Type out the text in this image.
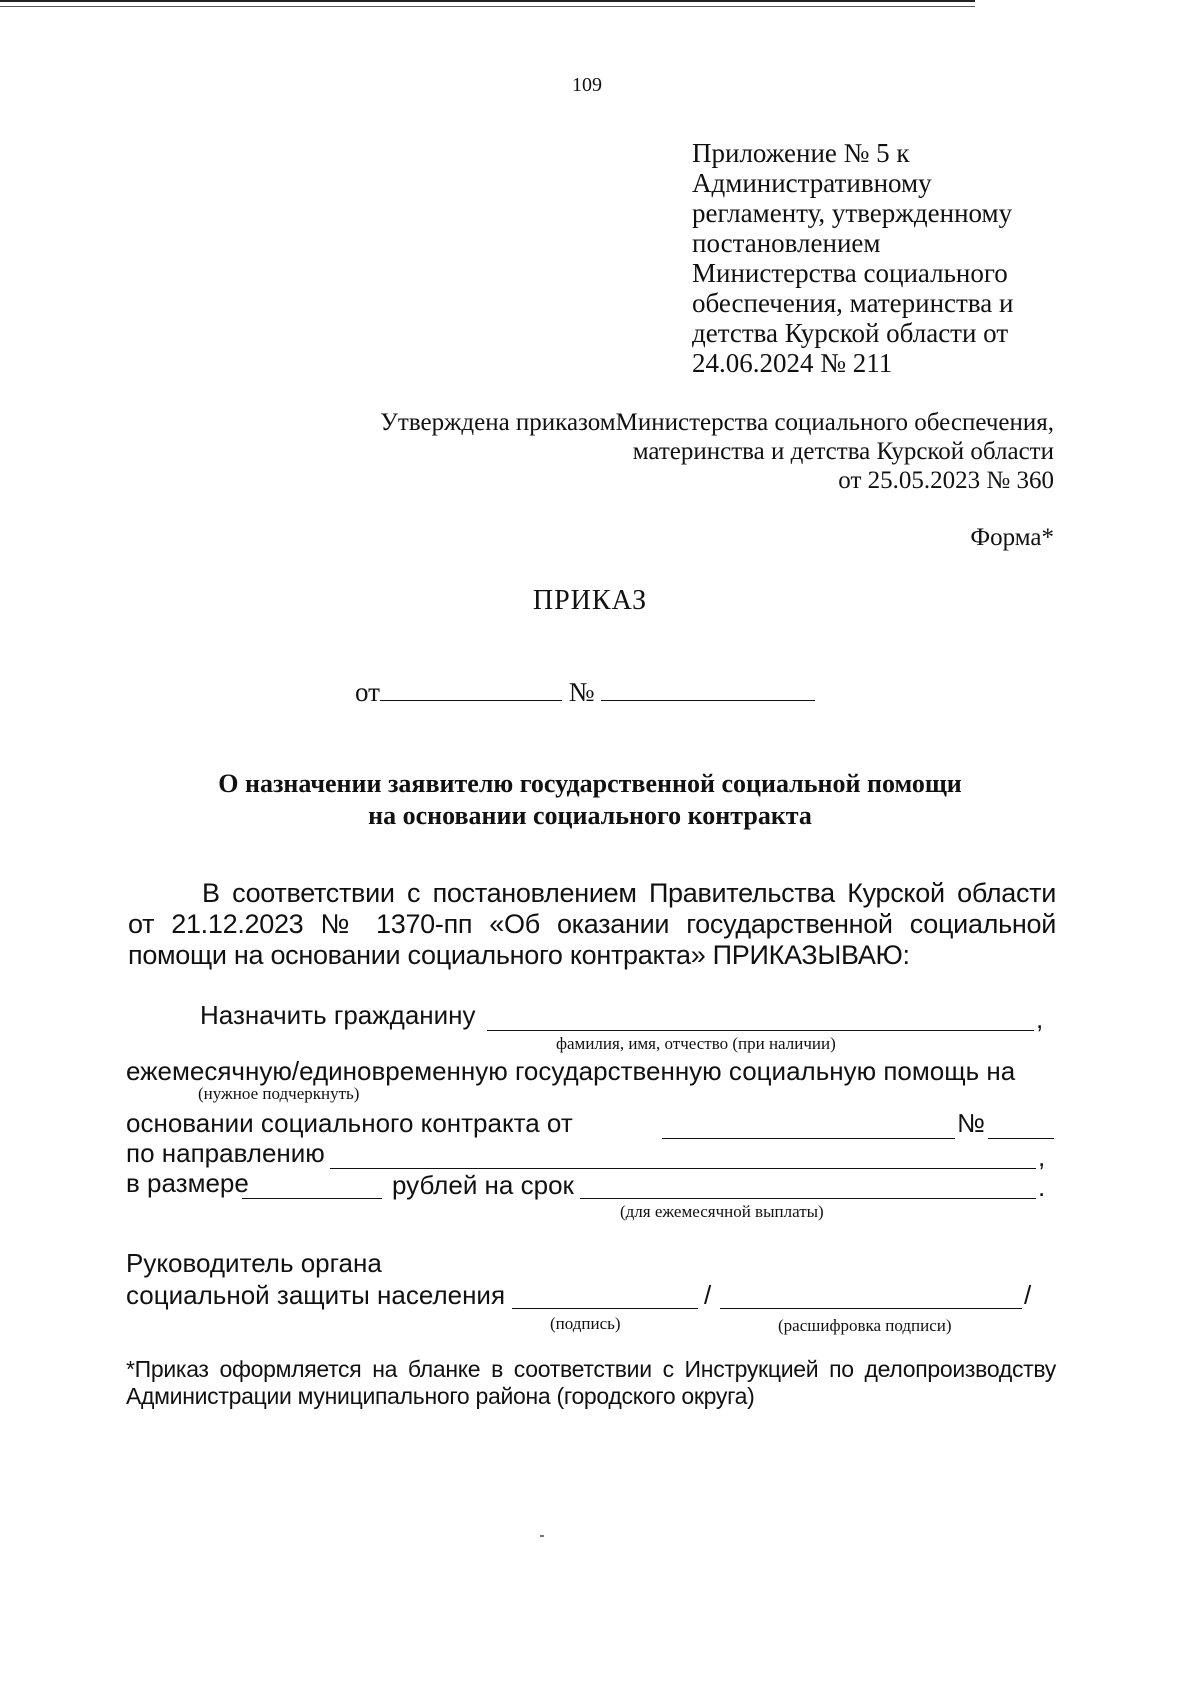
109
Приложение № 5 к
Административному
регламенту, утвержденному
постановлением
Министерства социального
обеспечения, материнства и
детства Курской области от
24.06.2024 № 211
Утверждена приказомМинистерства социального обеспечения,
материнства и детства Курской области
от 25.05.2023 № 360
Форма*
ПРИКАЗ
от	№
О назначении заявителю государственной социальной помощи
на основании социального контракта
В соответствии с постановлением Правительства Курской области от 21.12.2023 № 1370-пп «Об оказании государственной социальной помощи на основании социального контракта» ПРИКАЗЫВАЮ:
Назначить гражданину	,
фамилия, имя, отчество (при наличии)
ежемесячную/единовременную государственную социальную помощь на
(нужное подчеркнуть)
основании социального контракта от	№
по направлению	,
в размере	рублей на срок	.
(для ежемесячной выплаты)
Руководитель органа
социальной защиты населения	/	/
(подпись)	(расшифровка подписи)
*Приказ оформляется на бланке в соответствии с Инструкцией по делопроизводству Администрации муниципального района (городского округа)
